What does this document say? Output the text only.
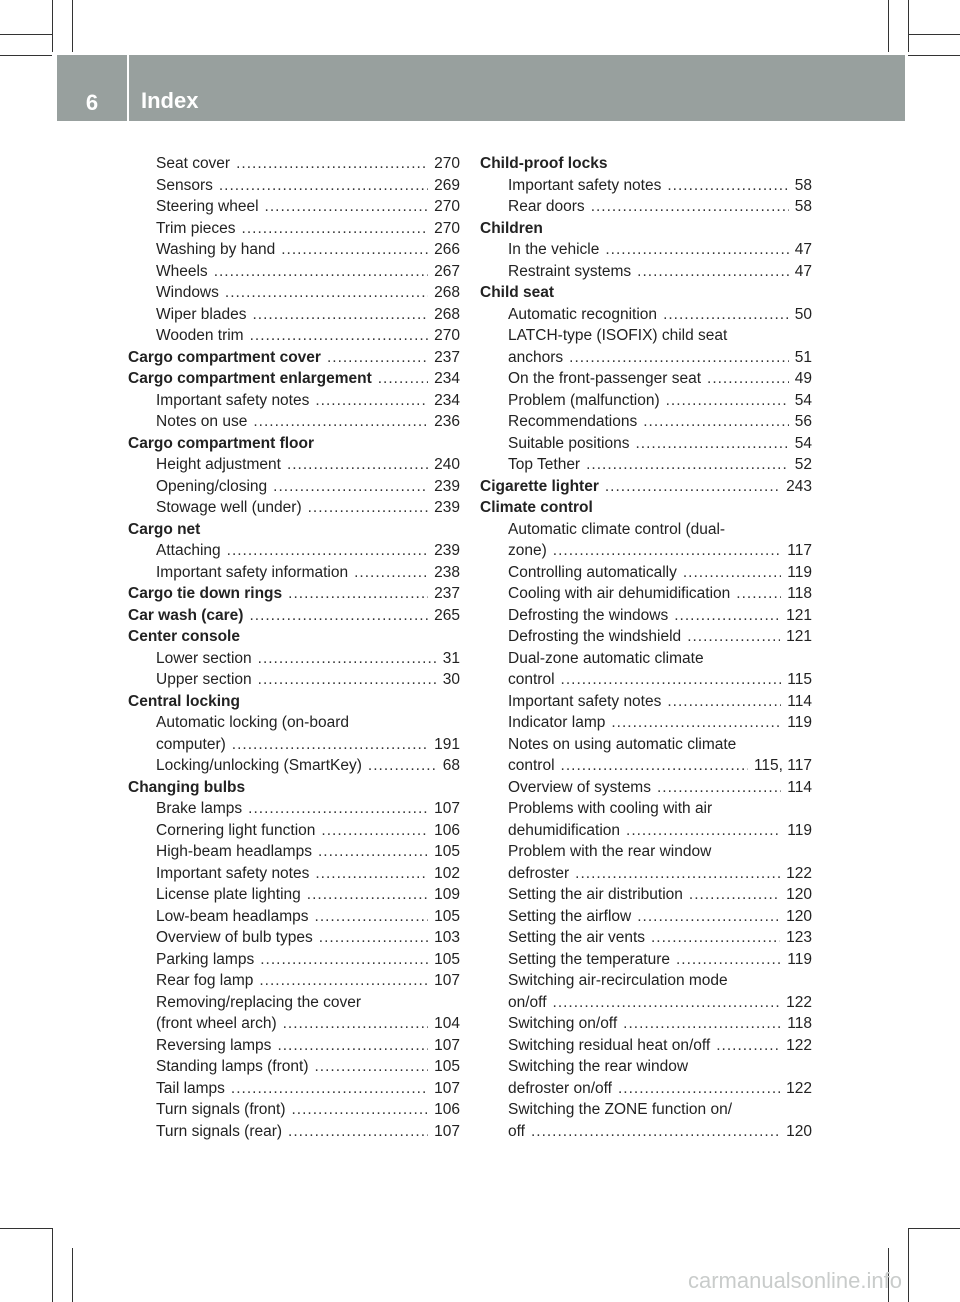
6	Index
Seat cover .....	270
Sensors .....	269
Steering wheel .....	270
Trim pieces .....	270
Washing by hand .....	266
Wheels .....	267
Windows .....	268
Wiper blades .....	268
Wooden trim .....	270
Cargo compartment cover .....	237
Cargo compartment enlargement .....	234
Important safety notes .....	234
Notes on use .....	236
Cargo compartment floor
Height adjustment .....	240
Opening/closing .....	239
Stowage well (under) .....	239
Cargo net
Attaching .....	239
Important safety information .....	238
Cargo tie down rings .....	237
Car wash (care) .....	265
Center console
Lower section .....	31
Upper section .....	30
Central locking
Automatic locking (on-board
computer) .....	191
Locking/unlocking (SmartKey) .....	68
Changing bulbs
Brake lamps .....	107
Cornering light function .....	106
High-beam headlamps .....	105
Important safety notes .....	102
License plate lighting .....	109
Low-beam headlamps .....	105
Overview of bulb types .....	103
Parking lamps .....	105
Rear fog lamp .....	107
Removing/replacing the cover
(front wheel arch) .....	104
Reversing lamps .....	107
Standing lamps (front) .....	105
Tail lamps .....	107
Turn signals (front) .....	106
Turn signals (rear) .....	107
Child-proof locks
Important safety notes .....	58
Rear doors .....	58
Children
In the vehicle .....	47
Restraint systems .....	47
Child seat
Automatic recognition .....	50
LATCH-type (ISOFIX) child seat
anchors .....	51
On the front-passenger seat .....	49
Problem (malfunction) .....	54
Recommendations .....	56
Suitable positions .....	54
Top Tether .....	52
Cigarette lighter .....	243
Climate control
Automatic climate control (dual-
zone) .....	117
Controlling automatically .....	119
Cooling with air dehumidification .....	118
Defrosting the windows .....	121
Defrosting the windshield .....	121
Dual-zone automatic climate
control .....	115
Important safety notes .....	114
Indicator lamp .....	119
Notes on using automatic climate
control .....	115, 117
Overview of systems .....	114
Problems with cooling with air
dehumidification .....	119
Problem with the rear window
defroster .....	122
Setting the air distribution .....	120
Setting the airflow .....	120
Setting the air vents .....	123
Setting the temperature .....	119
Switching air-recirculation mode
on/off .....	122
Switching on/off .....	118
Switching residual heat on/off .....	122
Switching the rear window
defroster on/off .....	122
Switching the ZONE function on/
off .....	120
carmanualsonline.info
